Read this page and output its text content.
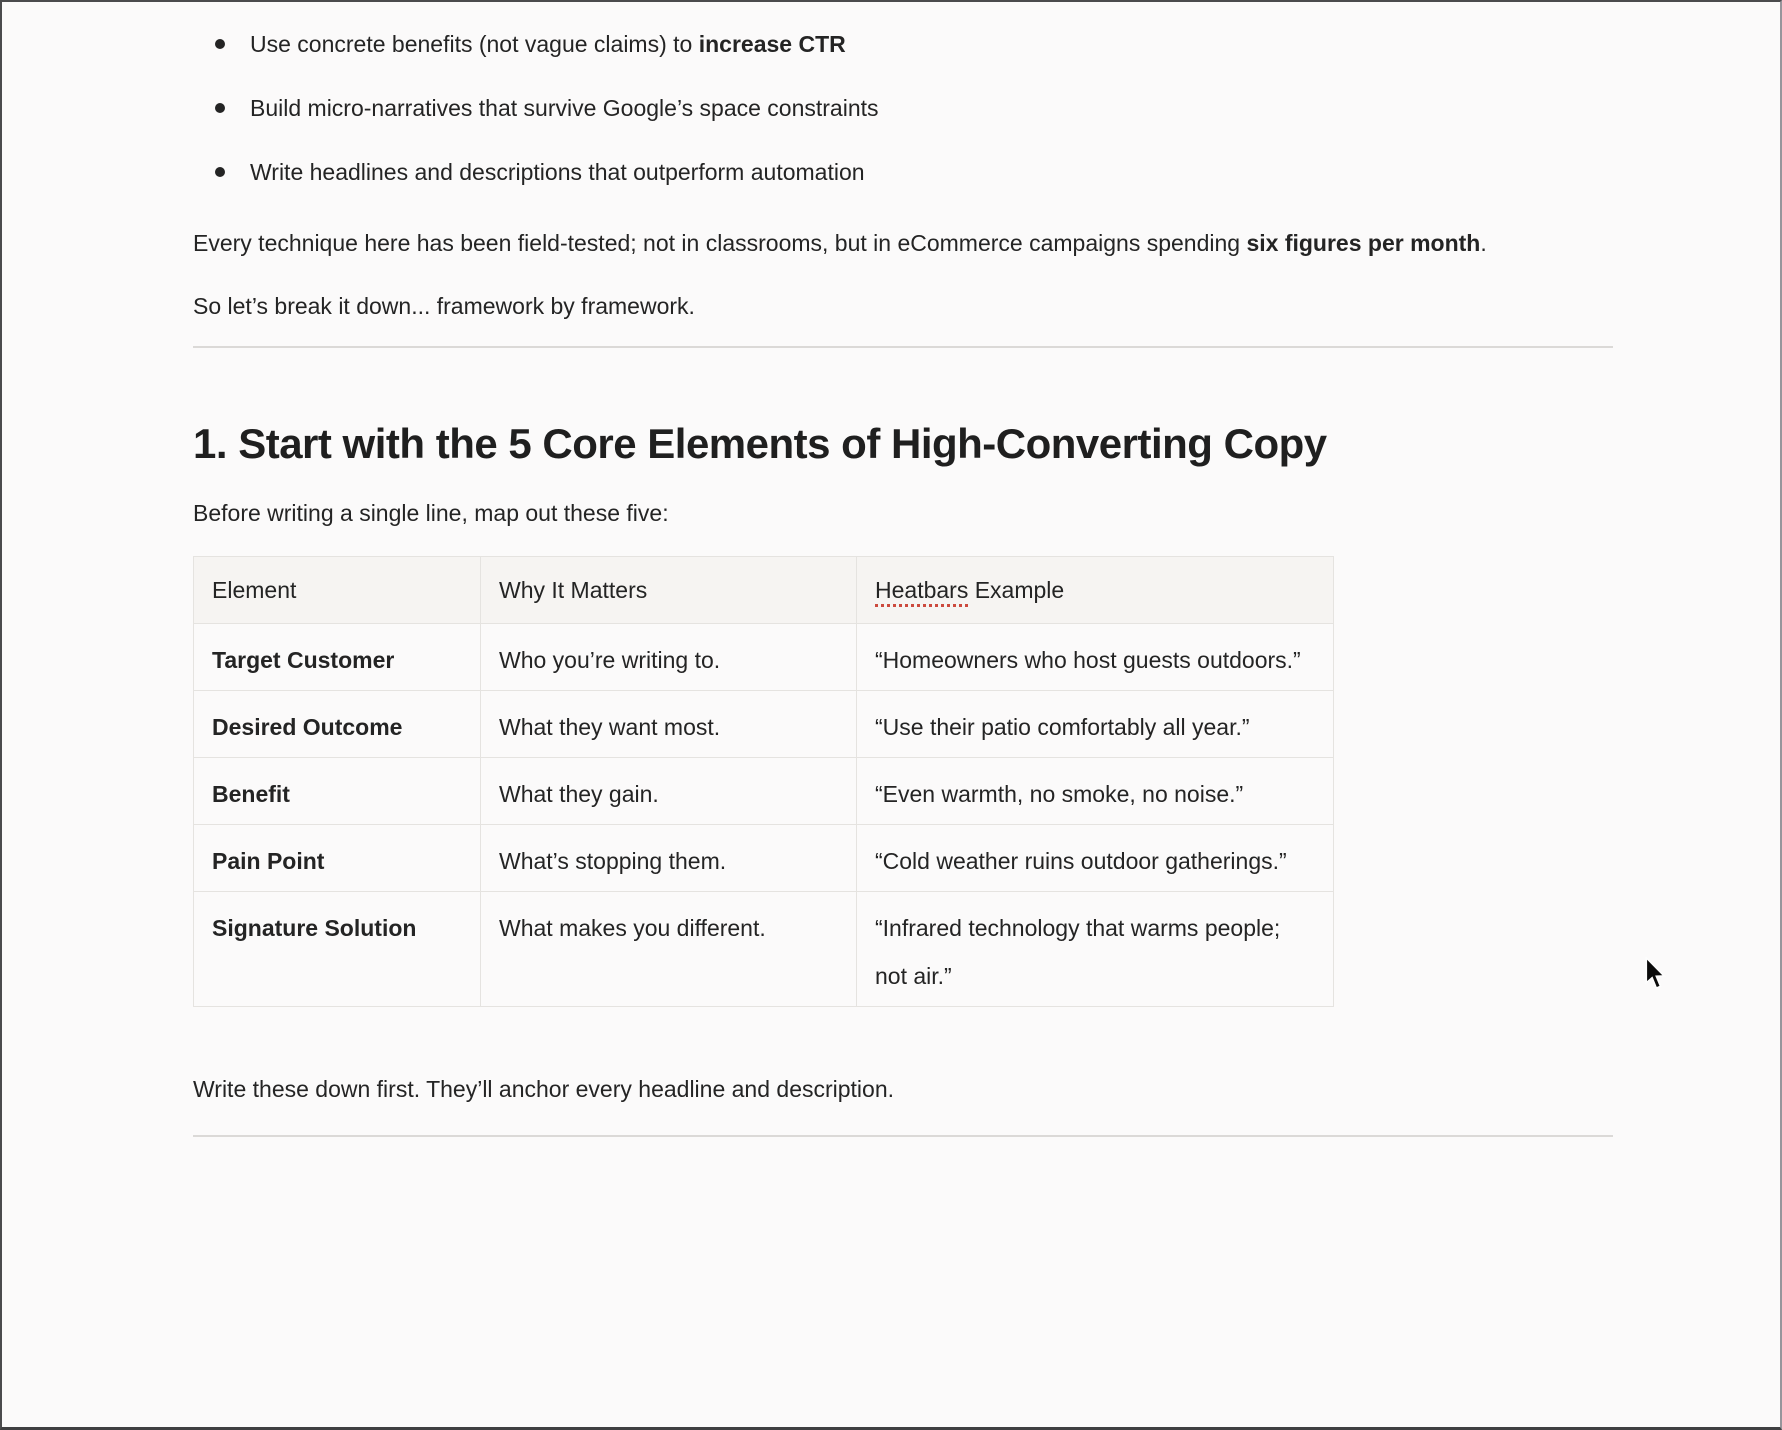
Use concrete benefits (not vague claims) to increase CTR
Build micro-narratives that survive Google’s space constraints
Write headlines and descriptions that outperform automation

Every technique here has been field-tested; not in classrooms, but in eCommerce campaigns spending six figures per month.

So let’s break it down... framework by framework.

1. Start with the 5 Core Elements of High-Converting Copy

Before writing a single line, map out these five:

Element	Why It Matters	Heatbars Example
Target Customer	Who you’re writing to.	“Homeowners who host guests outdoors.”
Desired Outcome	What they want most.	“Use their patio comfortably all year.”
Benefit	What they gain.	“Even warmth, no smoke, no noise.”
Pain Point	What’s stopping them.	“Cold weather ruins outdoor gatherings.”
Signature Solution	What makes you different.	“Infrared technology that warms people; not air.”

Write these down first. They’ll anchor every headline and description.
